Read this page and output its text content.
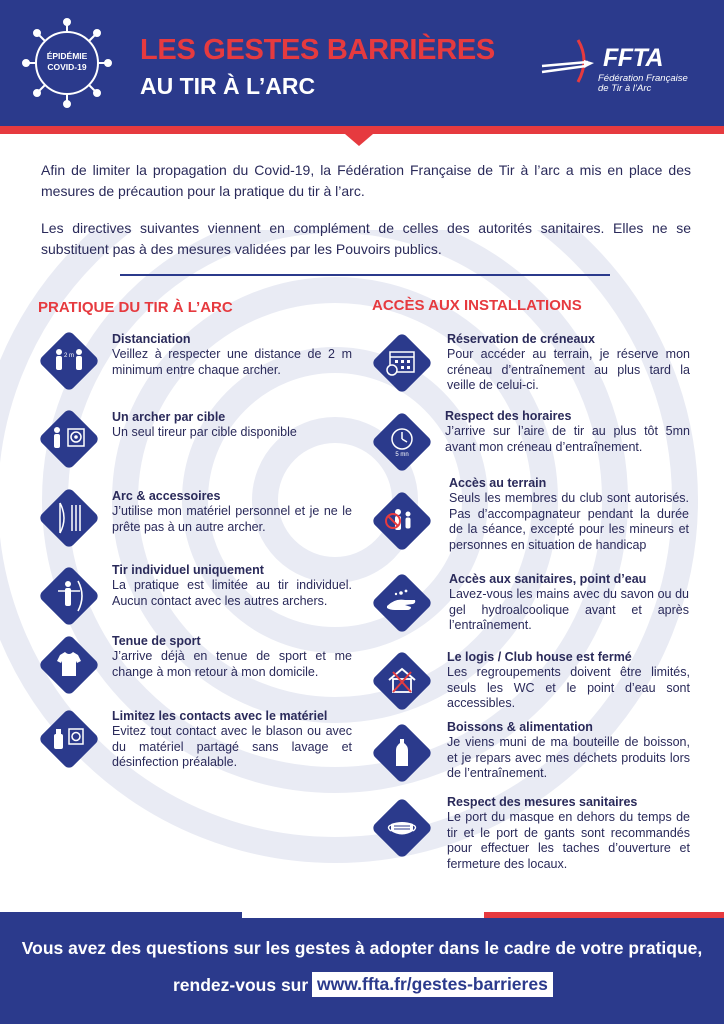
ÉPIDÉMIE
COVID-19
LES GESTES BARRIÈRES
AU TIR À L’ARC
FFTA
Fédération Française
de Tir à l’Arc

Afin de limiter la propagation du Covid-19, la Fédération Française de Tir à l’arc a mis en place des mesures de précaution pour la pratique du tir à l’arc.

Les directives suivantes viennent en complément de celles des autorités sanitaires. Elles ne se substituent pas à des mesures validées par les Pouvoirs publics.

PRATIQUE DU TIR À L’ARC	ACCÈS AUX INSTALLATIONS
2 m
Distanciation
Veillez à respecter une distance de 2 m minimum entre chaque archer.
Un archer par cible
Un seul tireur par cible disponible
Arc & accessoires
J’utilise mon matériel personnel et je ne le prête pas à un autre archer.
Tir individuel uniquement
La pratique est limitée au tir individuel. Aucun contact avec les autres archers.
Tenue de sport
J’arrive déjà en tenue de sport et me change à mon retour à mon domicile.
Limitez les contacts avec le matériel
Evitez tout contact avec le blason ou avec du matériel partagé sans lavage et désinfection préalable.
Réservation de créneaux
Pour accéder au terrain, je réserve mon créneau d’entraînement au plus tard la veille de celui-ci.
5 mn
Respect des horaires
J’arrive sur l’aire de tir au plus tôt 5mn avant mon créneau d’entraînement.
Accès au terrain
Seuls les membres du club sont autorisés. Pas d’accompagnateur pendant la durée de la séance, excepté pour les mineurs et personnes en situation de handicap
Accès aux sanitaires, point d’eau
Lavez-vous les mains avec du savon ou du gel hydroalcoolique avant et après l’entraînement.
Le logis / Club house est fermé
Les regroupements doivent être limités, seuls les WC et le point d’eau sont accessibles.
Boissons & alimentation
Je viens muni de ma bouteille de boisson, et je repars avec mes déchets produits lors de l’entraînement.
Respect des mesures sanitaires
Le port du masque en dehors du temps de tir et le port de gants sont recommandés pour effectuer les taches d’ouverture et fermeture des locaux.
Vous avez des questions sur les gestes à adopter dans le cadre de votre pratique,
rendez-vous sur www.ffta.fr/gestes-barrieres
